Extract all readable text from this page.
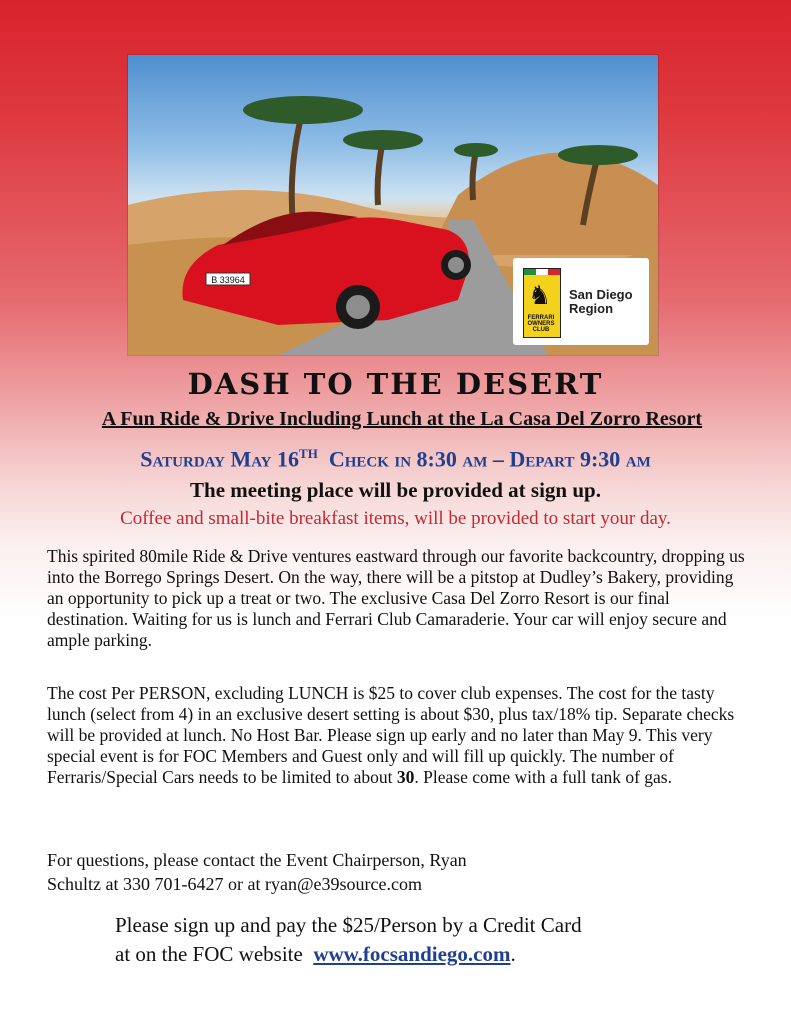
B 33964
♞
FERRARI OWNERS CLUB
San Diego Region
DASH TO THE DESERT
A Fun Ride & Drive Including Lunch at the La Casa Del Zorro Resort
Saturday May 16TH Check in 8:30 am – Depart 9:30 am
The meeting place will be provided at sign up.
Coffee and small-bite breakfast items, will be provided to start your day.
This spirited 80mile Ride & Drive ventures eastward through our favorite backcountry, dropping us into the Borrego Springs Desert. On the way, there will be a pitstop at Dudley’s Bakery, providing an opportunity to pick up a treat or two. The exclusive Casa Del Zorro Resort is our final destination. Waiting for us is lunch and Ferrari Club Camaraderie. Your car will enjoy secure and ample parking.
The cost Per PERSON, excluding LUNCH is $25 to cover club expenses. The cost for the tasty lunch (select from 4) in an exclusive desert setting is about $30, plus tax/18% tip. Separate checks will be provided at lunch. No Host Bar. Please sign up early and no later than May 9. This very special event is for FOC Members and Guest only and will fill up quickly. The number of Ferraris/Special Cars needs to be limited to about 30. Please come with a full tank of gas.
For questions, please contact the Event Chairperson, Ryan Schultz at 330 701-6427 or at ryan@e39source.com
Please sign up and pay the $25/Person by a Credit Card
at on the FOC website www.focsandiego.com.
